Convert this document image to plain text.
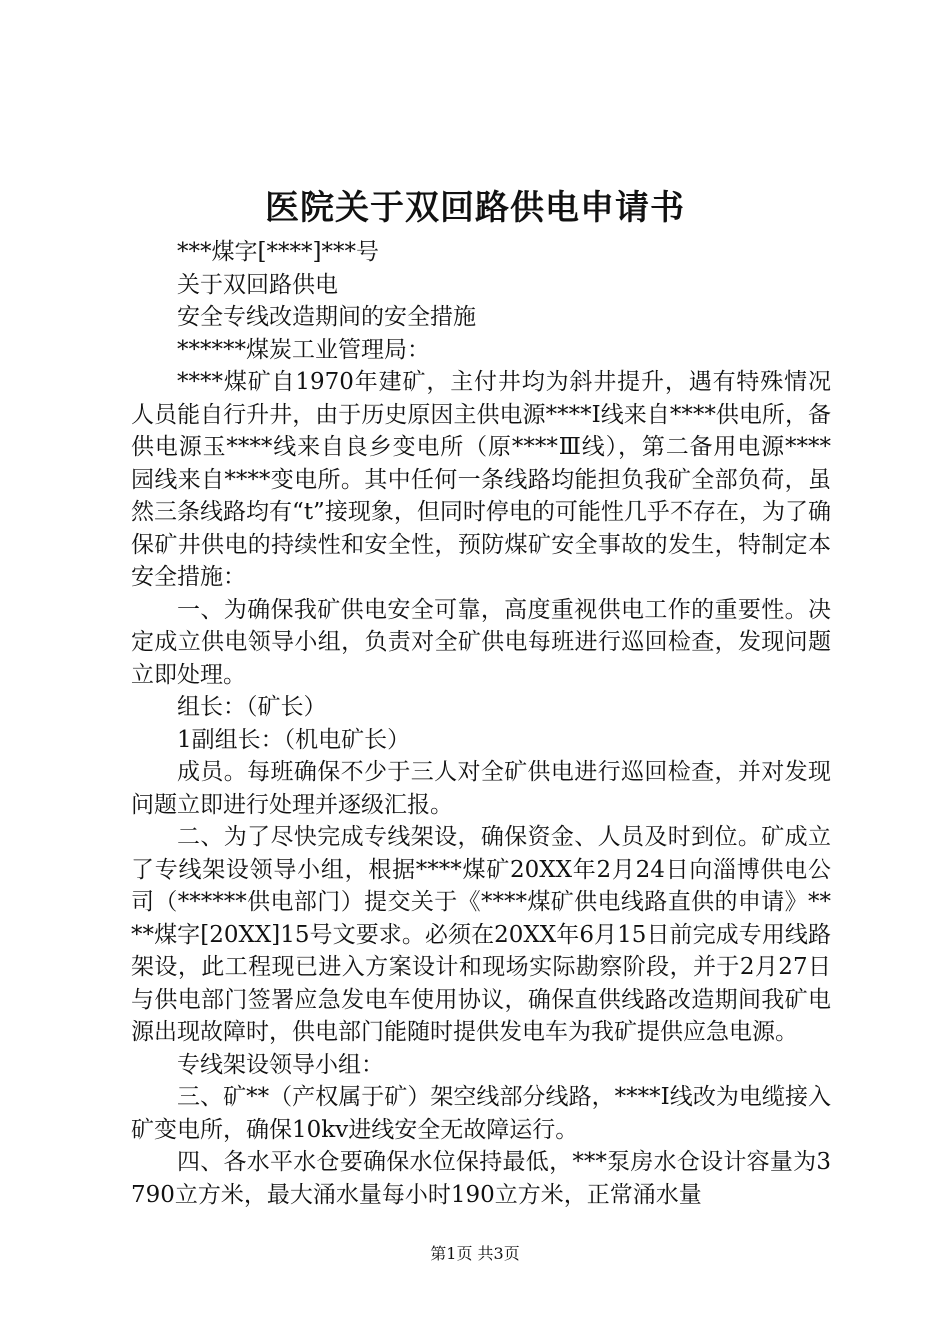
医院关于双回路供电申请书

***煤字[****]***号

关于双回路供电

安全专线改造期间的安全措施

******煤炭工业管理局：

****煤矿自1970年建矿，主付井均为斜井提升，遇有特殊情况人员能自行升井，由于历史原因主供电源****Ⅰ线来自****供电所，备供电源玉****线来自良乡变电所（原****Ⅲ线），第二备用电源****园线来自****变电所。其中任何一条线路均能担负我矿全部负荷，虽然三条线路均有“t”接现象，但同时停电的可能性几乎不存在，为了确保矿井供电的持续性和安全性，预防煤矿安全事故的发生，特制定本安全措施：

一、为确保我矿供电安全可靠，高度重视供电工作的重要性。决定成立供电领导小组，负责对全矿供电每班进行巡回检查，发现问题立即处理。

组长：（矿长）

1副组长：（机电矿长）

成员。每班确保不少于三人对全矿供电进行巡回检查，并对发现问题立即进行处理并逐级汇报。

二、为了尽快完成专线架设，确保资金、人员及时到位。矿成立了专线架设领导小组，根据****煤矿20XX年2月24日向淄博供电公司（******供电部门）提交关于《****煤矿供电线路直供的申请》****煤字[20XX]15号文要求。必须在20XX年6月15日前完成专用线路架设，此工程现已进入方案设计和现场实际勘察阶段，并于2月27日与供电部门签署应急发电车使用协议，确保直供线路改造期间我矿电源出现故障时，供电部门能随时提供发电车为我矿提供应急电源。

专线架设领导小组：

三、矿**（产权属于矿）架空线部分线路，****Ⅰ线改为电缆接入矿变电所，确保10kv进线安全无故障运行。

四、各水平水仓要确保水位保持最低，***泵房水仓设计容量为3790立方米，最大涌水量每小时190立方米，正常涌水量

第1页 共3页
